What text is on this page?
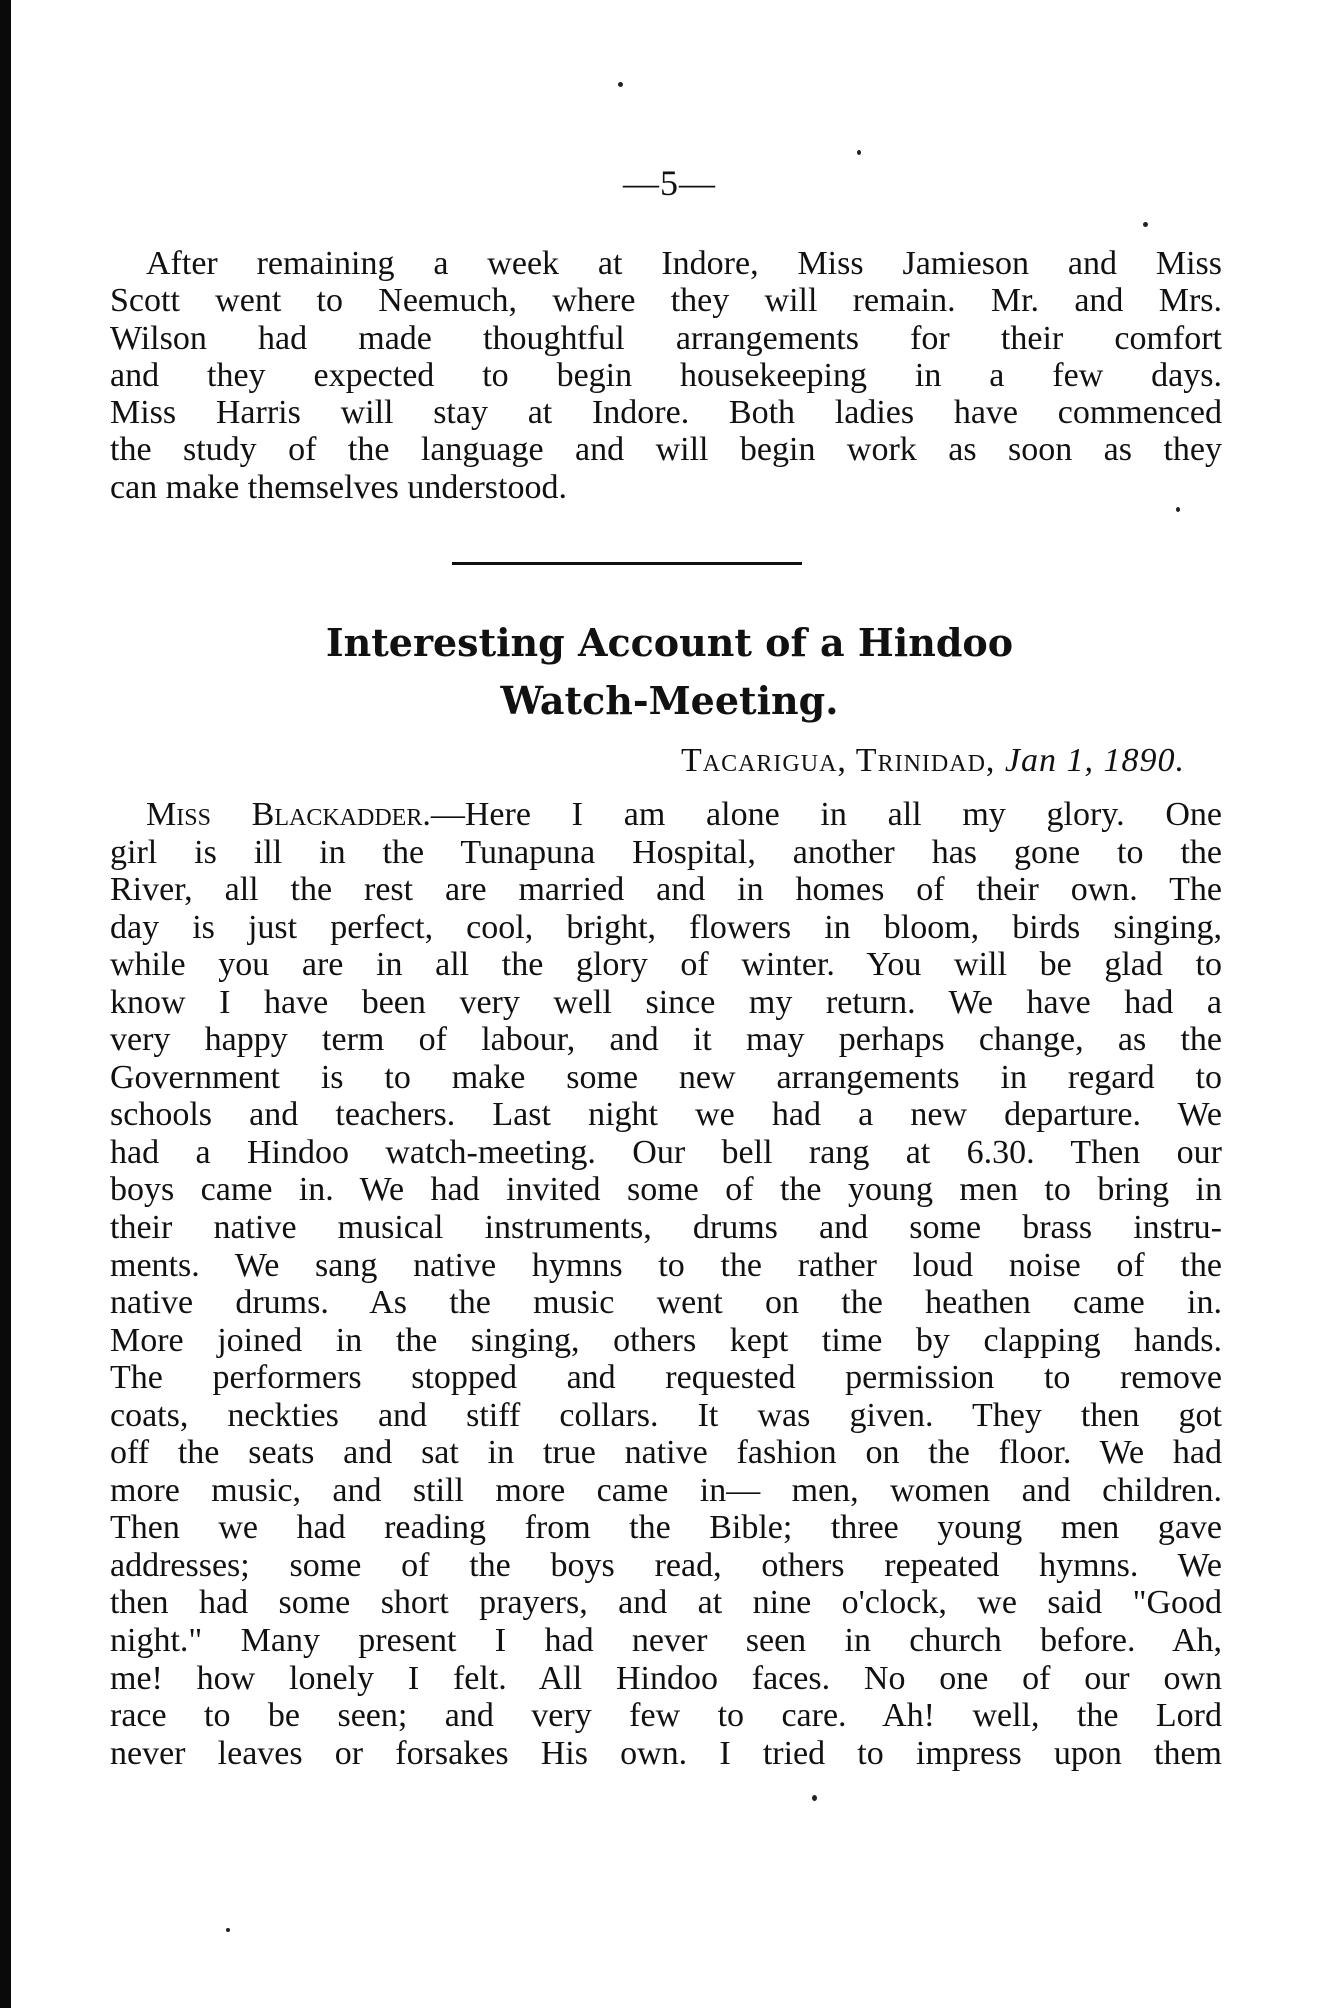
—5—

After remaining a week at Indore, Miss Jamieson and Miss
Scott went to Neemuch, where they will remain. Mr. and Mrs.
Wilson had made thoughtful arrangements for their comfort
and they expected to begin housekeeping in a few days.
Miss Harris will stay at Indore. Both ladies have commenced
the study of the language and will begin work as soon as they
can make themselves understood.

Interesting Account of a Hindoo
Watch-Meeting.
Tacarigua, Trinidad, Jan 1, 1890.

Miss Blackadder.—Here I am alone in all my glory. One
girl is ill in the Tunapuna Hospital, another has gone to the
River, all the rest are married and in homes of their own. The
day is just perfect, cool, bright, flowers in bloom, birds singing,
while you are in all the glory of winter. You will be glad to
know I have been very well since my return. We have had a
very happy term of labour, and it may perhaps change, as the
Government is to make some new arrangements in regard to
schools and teachers. Last night we had a new departure. We
had a Hindoo watch-meeting. Our bell rang at 6.30. Then our
boys came in. We had invited some of the young men to bring in
their native musical instruments, drums and some brass instru-
ments. We sang native hymns to the rather loud noise of the
native drums. As the music went on the heathen came in.
More joined in the singing, others kept time by clapping hands.
The performers stopped and requested permission to remove
coats, neckties and stiff collars. It was given. They then got
off the seats and sat in true native fashion on the floor. We had
more music, and still more came in— men, women and children.
Then we had reading from the Bible; three young men gave
addresses; some of the boys read, others repeated hymns. We
then had some short prayers, and at nine o'clock, we said "Good
night." Many present I had never seen in church before. Ah,
me! how lonely I felt. All Hindoo faces. No one of our own
race to be seen; and very few to care. Ah! well, the Lord
never leaves or forsakes His own. I tried to impress upon them
